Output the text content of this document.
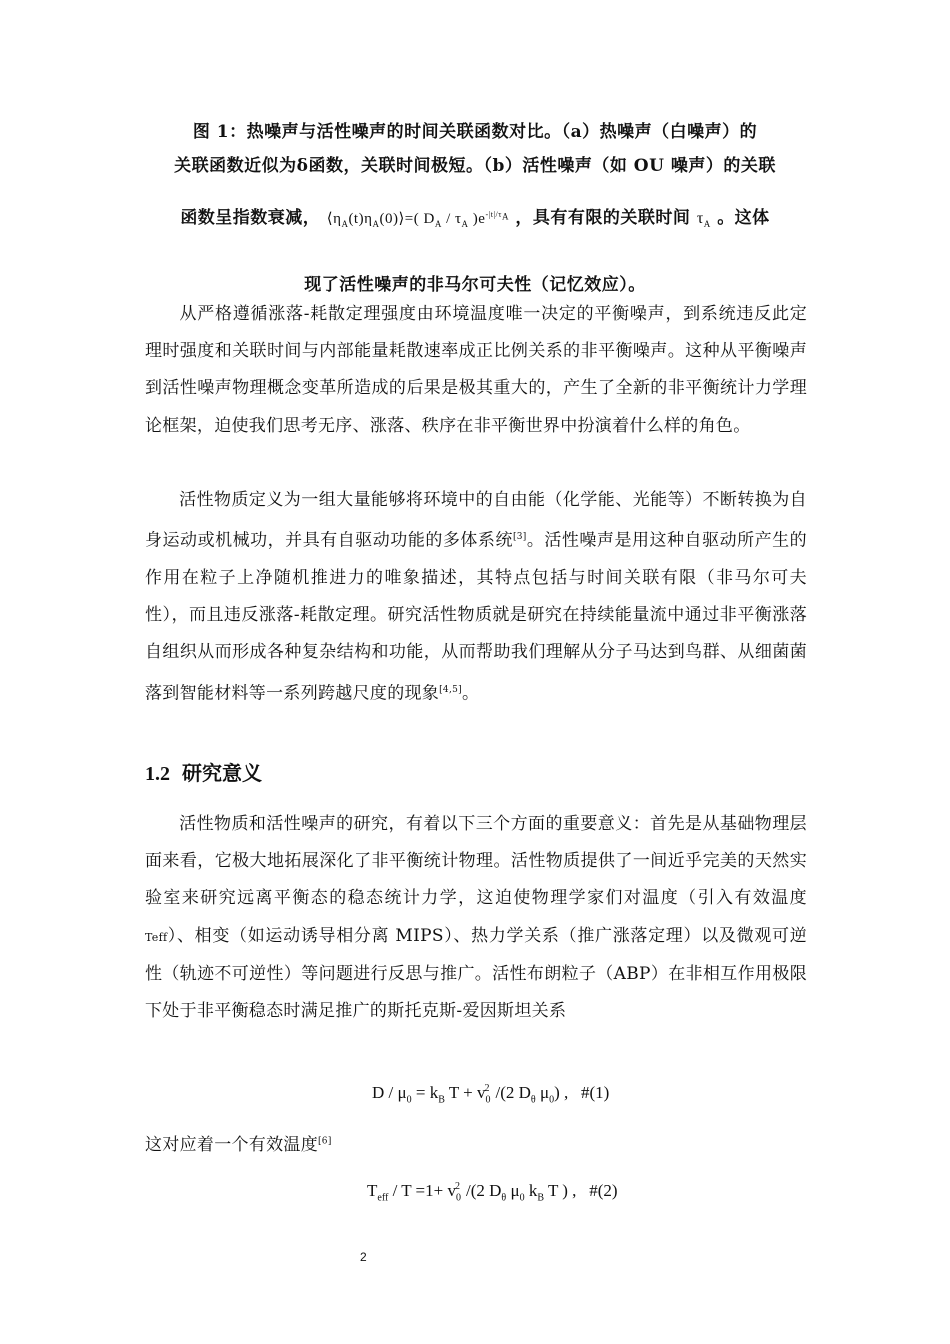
图 1：热噪声与活性噪声的时间关联函数对比。（a）热噪声（白噪声）的
关联函数近似为δ函数，关联时间极短。（b）活性噪声（如 OU 噪声）的关联
函数呈指数衰减， $⟨\eta_A(t)\eta_A(0)⟩=$( $D_A / \tau_A$ )$e^{-|t|/\tau_A}$ ，具有有限的关联时间 $\tau_A$ 。这体
现了活性噪声的非马尔可夫性（记忆效应）。
从严格遵循涨落-耗散定理强度由环境温度唯一决定的平衡噪声，到系统违反此定理时强度和关联时间与内部能量耗散速率成正比例关系的非平衡噪声。这种从平衡噪声到活性噪声物理概念变革所造成的后果是极其重大的，产生了全新的非平衡统计力学理论框架，迫使我们思考无序、涨落、秩序在非平衡世界中扮演着什么样的角色。
活性物质定义为一组大量能够将环境中的自由能（化学能、光能等）不断转换为自身运动或机械功，并具有自驱动功能的多体系统[3]。活性噪声是用这种自驱动所产生的作用在粒子上净随机推进力的唯象描述，其特点包括与时间关联有限（非马尔可夫性），而且违反涨落-耗散定理。研究活性物质就是研究在持续能量流中通过非平衡涨落自组织从而形成各种复杂结构和功能，从而帮助我们理解从分子马达到鸟群、从细菌菌落到智能材料等一系列跨越尺度的现象[4,5]。
1.2 研究意义
活性物质和活性噪声的研究，有着以下三个方面的重要意义：首先是从基础物理层面来看，它极大地拓展深化了非平衡统计物理。活性物质提供了一间近乎完美的天然实验室来研究远离平衡态的稳态统计力学，这迫使物理学家们对温度（引入有效温度Teff）、相变（如运动诱导相分离 MIPS）、热力学关系（推广涨落定理）以及微观可逆性（轨迹不可逆性）等问题进行反思与推广。活性布朗粒子（ABP）在非相互作用极限下处于非平衡稳态时满足推广的斯托克斯-爱因斯坦关系
$D / \mu_0 = k_B$ $T + v_0^2$ /(2 $D_\theta$ $\mu_0$) ,   #(1)
这对应着一个有效温度[6]
$T_{eff} / T =1+ v_0^2$ /(2 $D_\theta$ $\mu_0$ $k_B$ T ) ,   #(2)
2
